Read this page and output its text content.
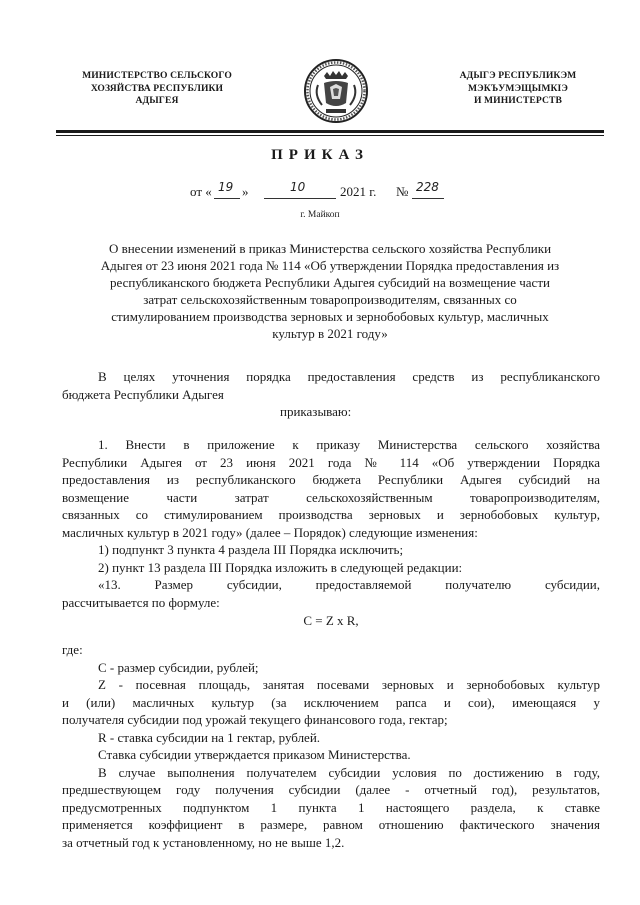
МИНИСТЕРСТВО СЕЛЬСКОГО
ХОЗЯЙСТВА РЕСПУБЛИКИ
АДЫГЕЯ
АДЫГЭ РЕСПУБЛИКЭМ
МЭКЪУМЭЩЫМКIЭ
И МИНИСТЕРСТВ
ПРИКАЗ
от « 19 »	10	2021 г. № 228
г. Майкоп
О внесении изменений в приказ Министерства сельского хозяйства Республики
Адыгея от 23 июня 2021 года № 114 «Об утверждении Порядка предоставления из
республиканского бюджета Республики Адыгея субсидий на возмещение части
затрат сельскохозяйственным товаропроизводителям, связанных со
стимулированием производства зерновых и зернобобовых культур, масличных
культур в 2021 году»
В целях уточнения порядка предоставления средств из республиканского
бюджета Республики Адыгея
приказываю:
1. Внести в приложение к приказу Министерства сельского хозяйства
Республики Адыгея от 23 июня 2021 года № 114 «Об утверждении Порядка
предоставления из республиканского бюджета Республики Адыгея субсидий на
возмещение части затрат сельскохозяйственным товаропроизводителям,
связанных со стимулированием производства зерновых и зернобобовых культур,
масличных культур в 2021 году» (далее – Порядок) следующие изменения:
1) подпункт 3 пункта 4 раздела III Порядка исключить;
2) пункт 13 раздела III Порядка изложить в следующей редакции:
«13. Размер субсидии, предоставляемой получателю субсидии,
рассчитывается по формуле:
C = Z x R,
где:
C - размер субсидии, рублей;
Z - посевная площадь, занятая посевами зерновых и зернобобовых культур
и (или) масличных культур (за исключением рапса и сои), имеющаяся у
получателя субсидии под урожай текущего финансового года, гектар;
R - ставка субсидии на 1 гектар, рублей.
Ставка субсидии утверждается приказом Министерства.
В случае выполнения получателем субсидии условия по достижению в году,
предшествующем году получения субсидии (далее - отчетный год), результатов,
предусмотренных подпунктом 1 пункта 1 настоящего раздела, к ставке
применяется коэффициент в размере, равном отношению фактического значения
за отчетный год к установленному, но не выше 1,2.
